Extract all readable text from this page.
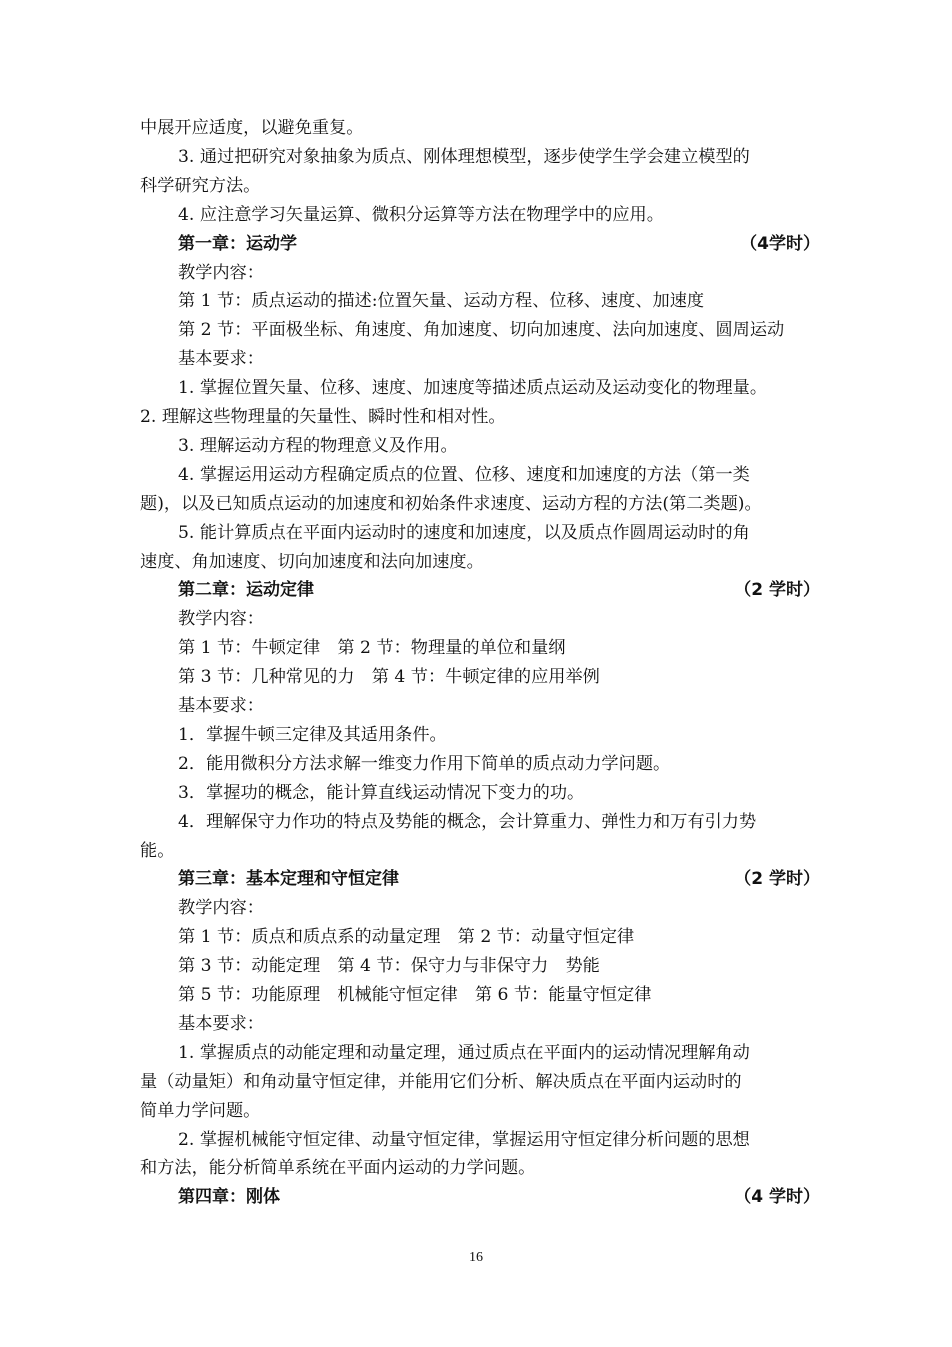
中展开应适度，以避免重复。
3. 通过把研究对象抽象为质点、刚体理想模型，逐步使学生学会建立模型的
科学研究方法。
4. 应注意学习矢量运算、微积分运算等方法在物理学中的应用。
第一章：运动学	（4学时）
教学内容：
第 1 节：质点运动的描述:位置矢量、运动方程、位移、速度、加速度
第 2 节：平面极坐标、角速度、角加速度、切向加速度、法向加速度、圆周运动
基本要求：
1. 掌握位置矢量、位移、速度、加速度等描述质点运动及运动变化的物理量。
2. 理解这些物理量的矢量性、瞬时性和相对性。
3. 理解运动方程的物理意义及作用。
4. 掌握运用运动方程确定质点的位置、位移、速度和加速度的方法（第一类
题)，以及已知质点运动的加速度和初始条件求速度、运动方程的方法(第二类题)。
5. 能计算质点在平面内运动时的速度和加速度，以及质点作圆周运动时的角
速度、角加速度、切向加速度和法向加速度。
第二章：运动定律	（2 学时）
教学内容：
第 1 节：牛顿定律　第 2 节：物理量的单位和量纲
第 3 节：几种常见的力　第 4 节：牛顿定律的应用举例
基本要求：
1．掌握牛顿三定律及其适用条件。
2．能用微积分方法求解一维变力作用下简单的质点动力学问题。
3．掌握功的概念，能计算直线运动情况下变力的功。
4．理解保守力作功的特点及势能的概念，会计算重力、弹性力和万有引力势
能。
第三章：基本定理和守恒定律	（2 学时）
教学内容：
第 1 节：质点和质点系的动量定理　第 2 节：动量守恒定律
第 3 节：动能定理　第 4 节：保守力与非保守力　势能
第 5 节：功能原理　机械能守恒定律　第 6 节：能量守恒定律
基本要求：
1. 掌握质点的动能定理和动量定理，通过质点在平面内的运动情况理解角动
量（动量矩）和角动量守恒定律，并能用它们分析、解决质点在平面内运动时的
简单力学问题。
2. 掌握机械能守恒定律、动量守恒定律，掌握运用守恒定律分析问题的思想
和方法，能分析简单系统在平面内运动的力学问题。
第四章：刚体	（4 学时）
16
